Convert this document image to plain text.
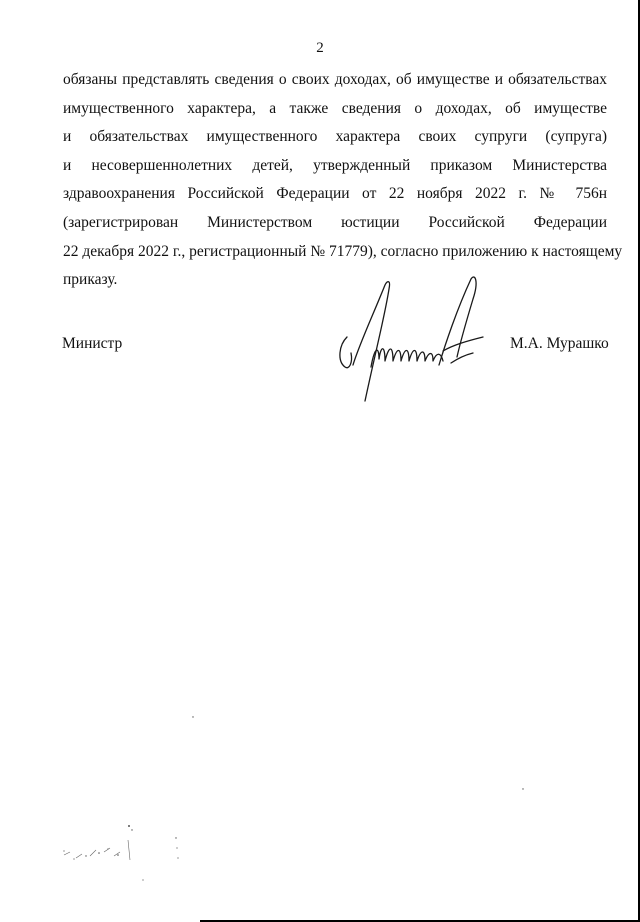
2
обязаны представлять сведения о своих доходах, об имуществе и обязательствах
имущественного характера, а также сведения о доходах, об имуществе
и обязательствах имущественного характера своих супруги (супруга)
и несовершеннолетних детей, утвержденный приказом Министерства
здравоохранения Российской Федерации от 22 ноября 2022 г. № 756н
(зарегистрирован Министерством юстиции Российской Федерации
22 декабря 2022 г., регистрационный № 71779), согласно приложению к настоящему
приказу.
Министр	М.А. Мурашко
